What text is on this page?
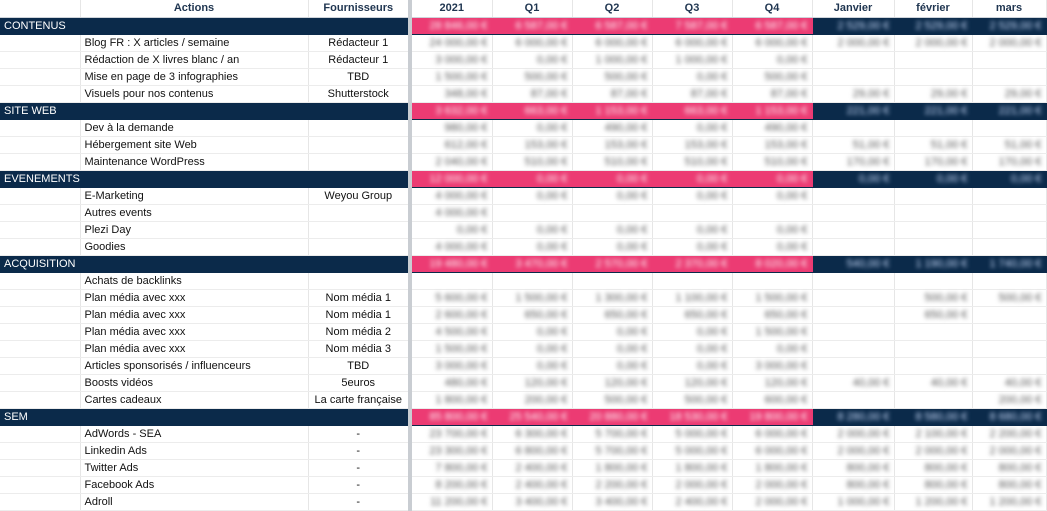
	Actions	Fournisseurs	2021	Q1	Q2	Q3	Q4	Janvier	février	mars
CONTENUS			28 846,00 €	6 587,00 €	6 587,00 €	7 587,00 €	6 587,00 €	2 529,00 €	2 529,00 €	2 529,00 €
	Blog FR : X articles / semaine	Rédacteur 1	24 000,00 €	6 000,00 €	6 000,00 €	6 000,00 €	6 000,00 €	2 000,00 €	2 000,00 €	2 000,00 €
	Rédaction de X livres blanc / an	Rédacteur 1	3 000,00 €	0,00 €	1 000,00 €	1 000,00 €	0,00 €			
	Mise en page de 3 infographies	TBD	1 500,00 €	500,00 €	500,00 €	0,00 €	500,00 €			
	Visuels pour nos contenus	Shutterstock	348,00 €	87,00 €	87,00 €	87,00 €	87,00 €	29,00 €	29,00 €	29,00 €
SITE WEB			3 632,00 €	663,00 €	1 153,00 €	663,00 €	1 153,00 €	221,00 €	221,00 €	221,00 €
	Dev à la demande		980,00 €	0,00 €	490,00 €	0,00 €	490,00 €			
	Hébergement site Web		612,00 €	153,00 €	153,00 €	153,00 €	153,00 €	51,00 €	51,00 €	51,00 €
	Maintenance WordPress		2 040,00 €	510,00 €	510,00 €	510,00 €	510,00 €	170,00 €	170,00 €	170,00 €
EVENEMENTS			12 000,00 €	0,00 €	0,00 €	0,00 €	0,00 €	0,00 €	0,00 €	0,00 €
	E-Marketing	Weyou Group	4 000,00 €	0,00 €	0,00 €	0,00 €	0,00 €			
	Autres events		4 000,00 €							
	Plezi Day		0,00 €	0,00 €	0,00 €	0,00 €	0,00 €			
	Goodies		4 000,00 €	0,00 €	0,00 €	0,00 €	0,00 €			
ACQUISITION			19 480,00 €	3 470,00 €	2 570,00 €	2 370,00 €	8 020,00 €	540,00 €	1 190,00 €	1 740,00 €
	Achats de backlinks									
	Plan média avec xxx	Nom média 1	5 600,00 €	1 500,00 €	1 300,00 €	1 100,00 €	1 500,00 €		500,00 €	500,00 €
	Plan média avec xxx	Nom média 1	2 600,00 €	650,00 €	650,00 €	650,00 €	650,00 €		650,00 €	
	Plan média avec xxx	Nom média 2	4 500,00 €	0,00 €	0,00 €	0,00 €	1 500,00 €			
	Plan média avec xxx	Nom média 3	1 500,00 €	0,00 €	0,00 €	0,00 €	0,00 €			
	Articles sponsorisés / influenceurs	TBD	3 000,00 €	0,00 €	0,00 €	0,00 €	3 000,00 €			
	Boosts vidéos	5euros	480,00 €	120,00 €	120,00 €	120,00 €	120,00 €	40,00 €	40,00 €	40,00 €
	Cartes cadeaux	La carte française	1 800,00 €	200,00 €	500,00 €	500,00 €	600,00 €			200,00 €
SEM			85 800,00 €	25 540,00 €	20 880,00 €	18 530,00 €	19 800,00 €	8 280,00 €	8 580,00 €	8 680,00 €
	AdWords - SEA	-	23 700,00 €	6 300,00 €	5 700,00 €	5 000,00 €	6 000,00 €	2 000,00 €	2 100,00 €	2 200,00 €
	Linkedin Ads	-	23 300,00 €	6 800,00 €	5 700,00 €	5 000,00 €	6 000,00 €	2 000,00 €	2 000,00 €	2 000,00 €
	Twitter Ads	-	7 800,00 €	2 400,00 €	1 800,00 €	1 800,00 €	1 800,00 €	800,00 €	800,00 €	800,00 €
	Facebook Ads	-	8 200,00 €	2 400,00 €	2 200,00 €	2 000,00 €	2 000,00 €	800,00 €	800,00 €	800,00 €
	Adroll	-	11 200,00 €	3 400,00 €	3 400,00 €	2 400,00 €	2 000,00 €	1 000,00 €	1 200,00 €	1 200,00 €
